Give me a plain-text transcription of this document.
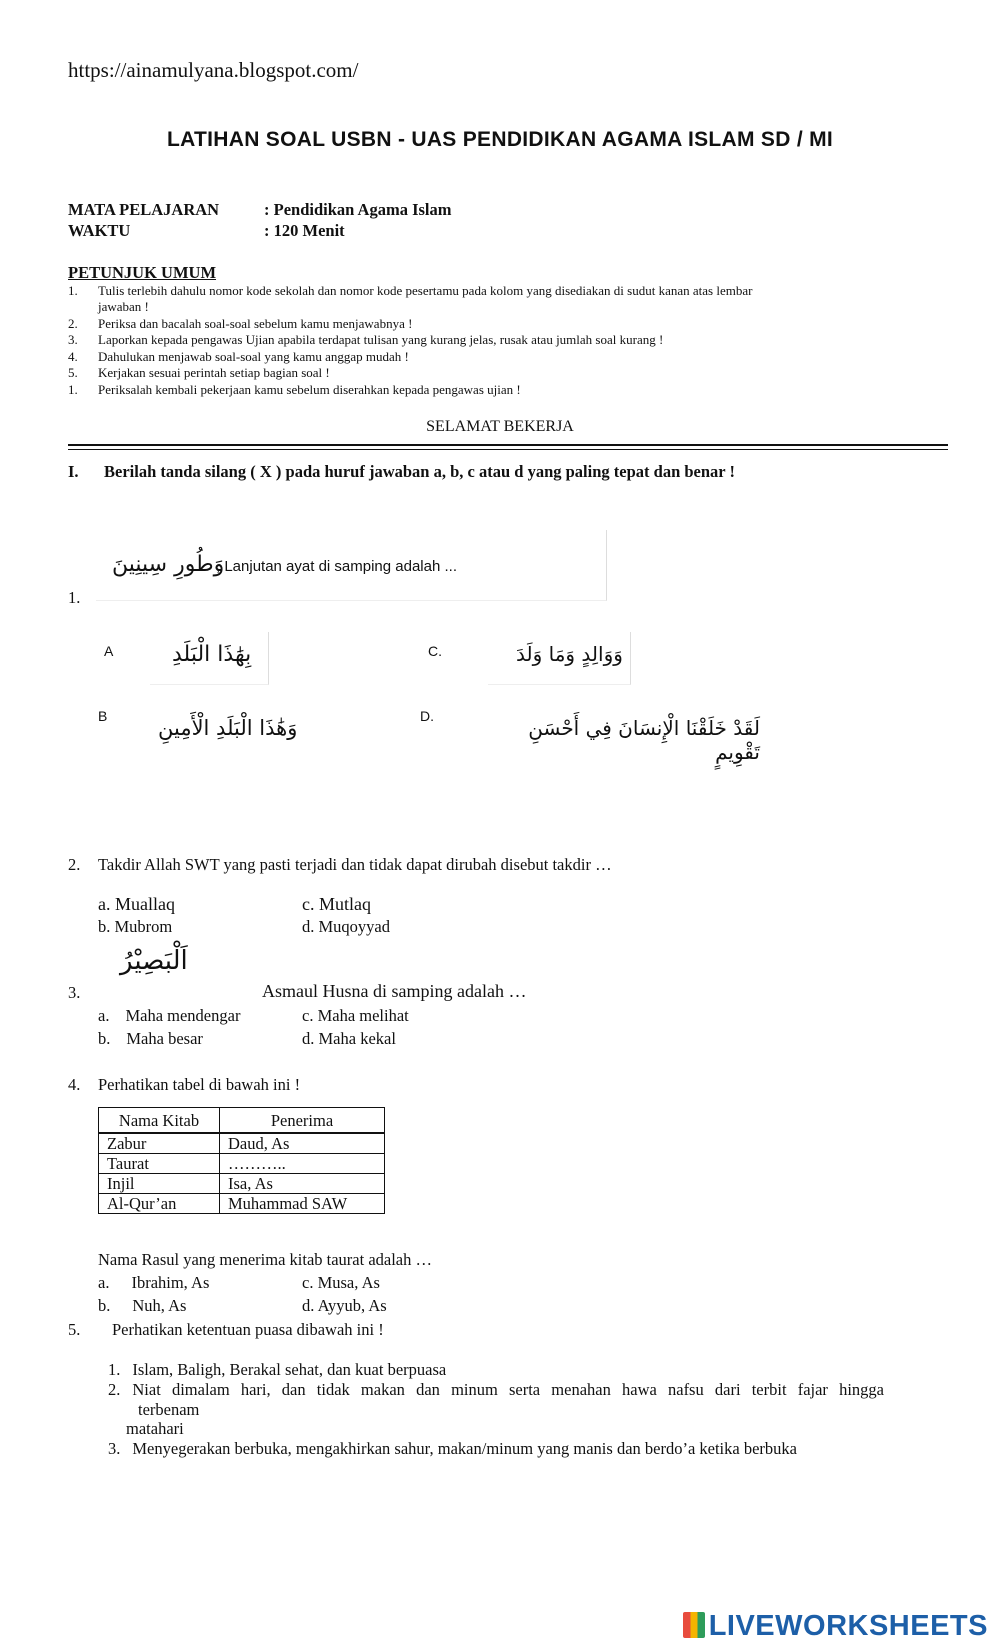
https://ainamulyana.blogspot.com/
LATIHAN SOAL USBN - UAS PENDIDIKAN AGAMA ISLAM SD / MI
MATA PELAJARAN	: Pendidikan Agama Islam
WAKTU	: 120 Menit
PETUNJUK UMUM
1. Tulis terlebih dahulu nomor kode sekolah dan nomor kode pesertamu pada kolom yang disediakan di sudut kanan atas lembar
jawaban !
2. Periksa dan bacalah soal-soal sebelum kamu menjawabnya !
3. Laporkan kepada pengawas Ujian apabila terdapat tulisan yang kurang jelas, rusak atau jumlah soal kurang !
4. Dahulukan menjawab soal-soal yang kamu anggap mudah !
5. Kerjakan sesuai perintah setiap bagian soal !
1. Periksalah kembali pekerjaan kamu sebelum diserahkan kepada pengawas ujian !
SELAMAT BEKERJA
I. Berilah tanda silang ( X ) pada huruf jawaban a, b, c atau d yang paling tepat dan benar !
1.
وَطُورِ سِينِينَ
, Lanjutan ayat di samping adalah ...
A	بِهَٰذَا الْبَلَدِ	C.	وَوَالِدٍ وَمَا وَلَدَ
B وَهَٰذَا الْبَلَدِ الْأَمِينِ	D.	لَقَدْ خَلَقْنَا الْإِنسَانَ فِي أَحْسَنِ تَقْوِيمٍ
2. Takdir Allah SWT yang pasti terjadi dan tidak dapat dirubah disebut takdir …
a. Muallaq	c. Mutlaq
b. Mubrom	d. Muqoyyad
اَلْبَصِيْرُ
3.	Asmaul Husna di samping adalah …
a. Maha mendengar	c. Maha melihat
b. Maha besar	d. Maha kekal
4. Perhatikan tabel di bawah ini !
Nama Kitab	Penerima
Zabur	Daud, As
Taurat	………..
Injil	Isa, As
Al-Qur’an	Muhammad SAW
Nama Rasul yang menerima kitab taurat adalah …
a. Ibrahim, As	c. Musa, As
b. Nuh, As	d. Ayyub, As
5. Perhatikan ketentuan puasa dibawah ini !
1. Islam, Baligh, Berakal sehat, dan kuat berpuasa
2. Niat dimalam hari, dan tidak makan dan minum serta menahan hawa nafsu dari terbit fajar hingga
terbenam
matahari
3. Menyegerakan berbuka, mengakhirkan sahur, makan/minum yang manis dan berdo’a ketika berbuka
LIVEWORKSHEETS
